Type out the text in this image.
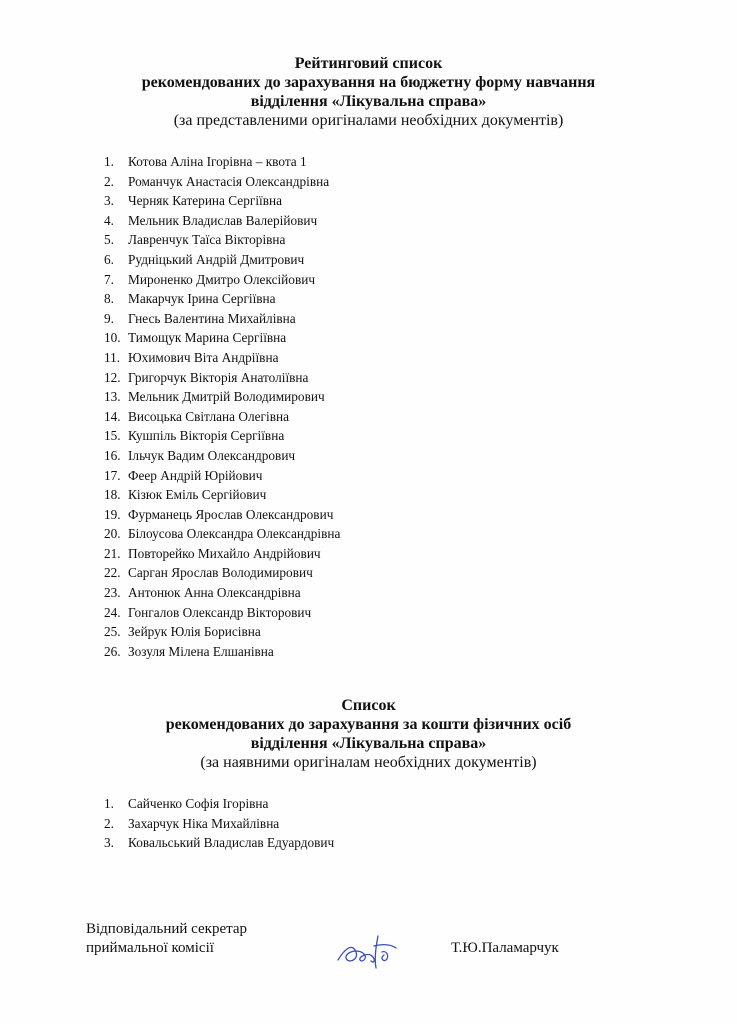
Рейтинговий список
рекомендованих до зарахування на бюджетну форму навчання
відділення «Лікувальна справа»
(за представленими оригіналами необхідних документів)
1. Котова Аліна Ігорівна – квота 1
2. Романчук Анастасія Олександрівна
3. Черняк Катерина Сергіївна
4. Мельник Владислав Валерійович
5. Лавренчук Таїса Вікторівна
6. Рудніцький Андрій Дмитрович
7. Мироненко Дмитро Олексійович
8. Макарчук Ірина Сергіївна
9. Гнесь Валентина Михайлівна
10. Тимощук Марина Сергіївна
11. Юхимович Віта Андріївна
12. Григорчук Вікторія Анатоліївна
13. Мельник Дмитрій Володимирович
14. Висоцька Світлана Олегівна
15. Кушпіль Вікторія Сергіївна
16. Ільчук Вадим Олександрович
17. Феер Андрій Юрійович
18. Кізюк Еміль Сергійович
19. Фурманець Ярослав Олександрович
20. Білоусова Олександра Олександрівна
21. Повторейко Михайло Андрійович
22. Сарган Ярослав Володимирович
23. Антонюк Анна Олександрівна
24. Гонгалов Олександр Вікторович
25. Зейрук Юлія Борисівна
26. Зозуля Мілена Елшанівна
Список
рекомендованих до зарахування за кошти фізичних осіб
відділення «Лікувальна справа»
(за наявними оригіналам необхідних документів)
1. Сайченко Софія Ігорівна
2. Захарчук Ніка Михайлівна
3. Ковальський Владислав Едуардович
Відповідальний секретар
приймальної комісії	Т.Ю.Паламарчук
